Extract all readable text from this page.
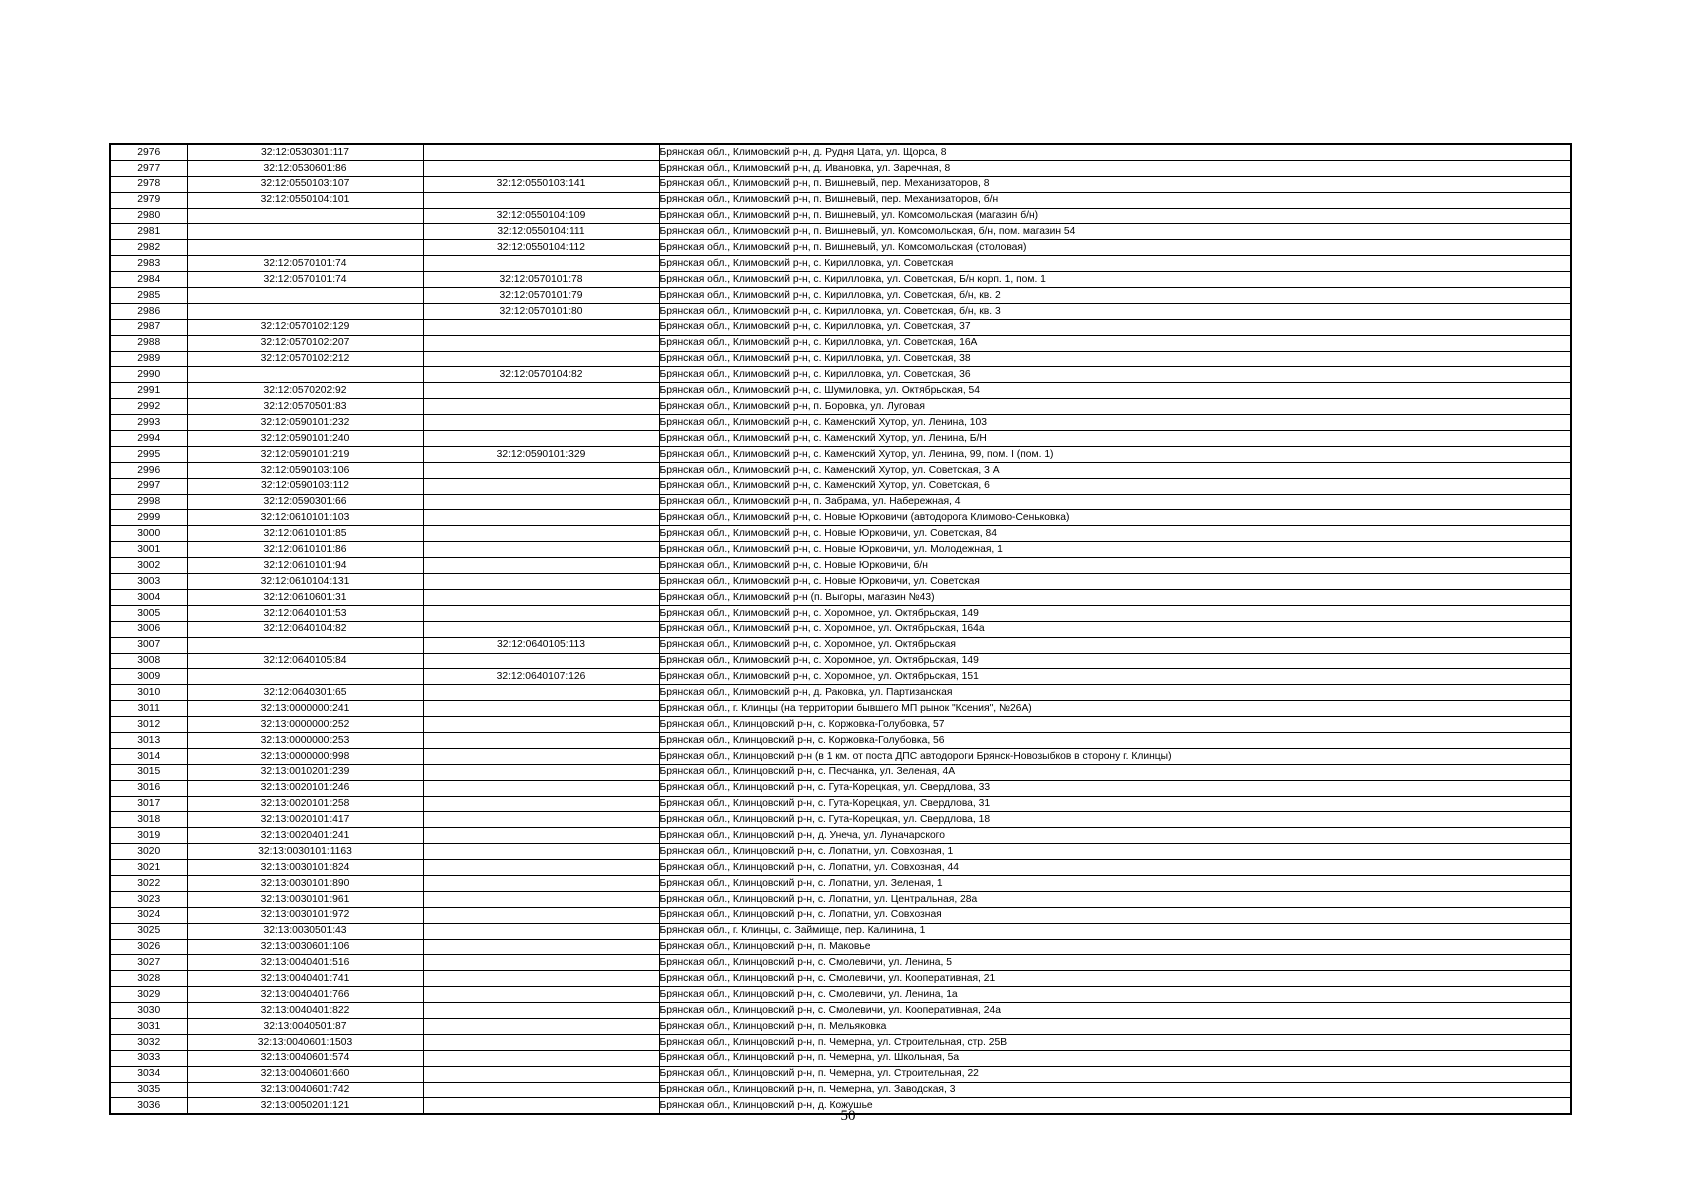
2976	32:12:0530301:117		Брянская обл., Климовский р-н, д. Рудня Цата, ул. Щорса, 8
2977	32:12:0530601:86		Брянская обл., Климовский р-н, д. Ивановка, ул. Заречная, 8
2978	32:12:0550103:107	32:12:0550103:141	Брянская обл., Климовский р-н, п. Вишневый, пер. Механизаторов, 8
2979	32:12:0550104:101		Брянская обл., Климовский р-н, п. Вишневый, пер. Механизаторов, б/н
2980		32:12:0550104:109	Брянская обл., Климовский р-н, п. Вишневый, ул. Комсомольская (магазин б/н)
2981		32:12:0550104:111	Брянская обл., Климовский р-н, п. Вишневый, ул. Комсомольская, б/н, пом. магазин 54
2982		32:12:0550104:112	Брянская обл., Климовский р-н, п. Вишневый, ул. Комсомольская (столовая)
2983	32:12:0570101:74		Брянская обл., Климовский р-н, с. Кирилловка, ул. Советская
2984	32:12:0570101:74	32:12:0570101:78	Брянская обл., Климовский р-н, с. Кирилловка, ул. Советская, Б/н корп. 1, пом. 1
2985		32:12:0570101:79	Брянская обл., Климовский р-н, с. Кирилловка, ул. Советская, б/н, кв. 2
2986		32:12:0570101:80	Брянская обл., Климовский р-н, с. Кирилловка, ул. Советская, б/н, кв. 3
2987	32:12:0570102:129		Брянская обл., Климовский р-н, с. Кирилловка, ул. Советская, 37
2988	32:12:0570102:207		Брянская обл., Климовский р-н, с. Кирилловка, ул. Советская, 16А
2989	32:12:0570102:212		Брянская обл., Климовский р-н, с. Кирилловка, ул. Советская, 38
2990		32:12:0570104:82	Брянская обл., Климовский р-н, с. Кирилловка, ул. Советская, 36
2991	32:12:0570202:92		Брянская обл., Климовский р-н, с. Шумиловка, ул. Октябрьская, 54
2992	32:12:0570501:83		Брянская обл., Климовский р-н, п. Боровка, ул. Луговая
2993	32:12:0590101:232		Брянская обл., Климовский р-н, с. Каменский Хутор, ул. Ленина, 103
2994	32:12:0590101:240		Брянская обл., Климовский р-н, с. Каменский Хутор, ул. Ленина, Б/Н
2995	32:12:0590101:219	32:12:0590101:329	Брянская обл., Климовский р-н, с. Каменский Хутор, ул. Ленина, 99, пом. I (пом. 1)
2996	32:12:0590103:106		Брянская обл., Климовский р-н, с. Каменский Хутор, ул. Советская, 3 А
2997	32:12:0590103:112		Брянская обл., Климовский р-н, с. Каменский Хутор, ул. Советская, 6
2998	32:12:0590301:66		Брянская обл., Климовский р-н, п. Забрама, ул. Набережная, 4
2999	32:12:0610101:103		Брянская обл., Климовский р-н, с. Новые Юрковичи (автодорога Климово-Сеньковка)
3000	32:12:0610101:85		Брянская обл., Климовский р-н, с. Новые Юрковичи, ул. Советская, 84
3001	32:12:0610101:86		Брянская обл., Климовский р-н, с. Новые Юрковичи, ул. Молодежная, 1
3002	32:12:0610101:94		Брянская обл., Климовский р-н, с. Новые Юрковичи, б/н
3003	32:12:0610104:131		Брянская обл., Климовский р-н, с. Новые Юрковичи, ул. Советская
3004	32:12:0610601:31		Брянская обл., Климовский р-н (п. Выгоры, магазин №43)
3005	32:12:0640101:53		Брянская обл., Климовский р-н, с. Хоромное, ул. Октябрьская, 149
3006	32:12:0640104:82		Брянская обл., Климовский р-н, с. Хоромное, ул. Октябрьская, 164а
3007		32:12:0640105:113	Брянская обл., Климовский р-н, с. Хоромное, ул. Октябрьская
3008	32:12:0640105:84		Брянская обл., Климовский р-н, с. Хоромное, ул. Октябрьская, 149
3009		32:12:0640107:126	Брянская обл., Климовский р-н, с. Хоромное, ул. Октябрьская, 151
3010	32:12:0640301:65		Брянская обл., Климовский р-н, д. Раковка, ул. Партизанская
3011	32:13:0000000:241		Брянская обл., г. Клинцы (на территории бывшего МП рынок "Ксения", №26А)
3012	32:13:0000000:252		Брянская обл., Клинцовский р-н, с. Коржовка-Голубовка, 57
3013	32:13:0000000:253		Брянская обл., Клинцовский р-н, с. Коржовка-Голубовка, 56
3014	32:13:0000000:998		Брянская обл., Клинцовский р-н (в 1 км. от поста ДПС автодороги Брянск-Новозыбков в сторону г. Клинцы)
3015	32:13:0010201:239		Брянская обл., Клинцовский р-н, с. Песчанка, ул. Зеленая, 4А
3016	32:13:0020101:246		Брянская обл., Клинцовский р-н, с. Гута-Корецкая, ул. Свердлова, 33
3017	32:13:0020101:258		Брянская обл., Клинцовский р-н, с. Гута-Корецкая, ул. Свердлова, 31
3018	32:13:0020101:417		Брянская обл., Клинцовский р-н, с. Гута-Корецкая, ул. Свердлова, 18
3019	32:13:0020401:241		Брянская обл., Клинцовский р-н, д. Унеча, ул. Луначарского
3020	32:13:0030101:1163		Брянская обл., Клинцовский р-н, с. Лопатни, ул. Совхозная, 1
3021	32:13:0030101:824		Брянская обл., Клинцовский р-н, с. Лопатни, ул. Совхозная, 44
3022	32:13:0030101:890		Брянская обл., Клинцовский р-н, с. Лопатни, ул. Зеленая, 1
3023	32:13:0030101:961		Брянская обл., Клинцовский р-н, с. Лопатни, ул. Центральная, 28а
3024	32:13:0030101:972		Брянская обл., Клинцовский р-н, с. Лопатни, ул. Совхозная
3025	32:13:0030501:43		Брянская обл., г. Клинцы, с. Займище, пер. Калинина, 1
3026	32:13:0030601:106		Брянская обл., Клинцовский р-н, п. Маковье
3027	32:13:0040401:516		Брянская обл., Клинцовский р-н, с. Смолевичи, ул. Ленина, 5
3028	32:13:0040401:741		Брянская обл., Клинцовский р-н, с. Смолевичи, ул. Кооперативная, 21
3029	32:13:0040401:766		Брянская обл., Клинцовский р-н, с. Смолевичи, ул. Ленина, 1а
3030	32:13:0040401:822		Брянская обл., Клинцовский р-н, с. Смолевичи, ул. Кооперативная, 24а
3031	32:13:0040501:87		Брянская обл., Клинцовский р-н, п. Мельяковка
3032	32:13:0040601:1503		Брянская обл., Клинцовский р-н, п. Чемерна, ул. Строительная, стр. 25В
3033	32:13:0040601:574		Брянская обл., Клинцовский р-н, п. Чемерна, ул. Школьная, 5а
3034	32:13:0040601:660		Брянская обл., Клинцовский р-н, п. Чемерна, ул. Строительная, 22
3035	32:13:0040601:742		Брянская обл., Клинцовский р-н, п. Чемерна, ул. Заводская, 3
3036	32:13:0050201:121		Брянская обл., Клинцовский р-н, д. Кожушье
50
